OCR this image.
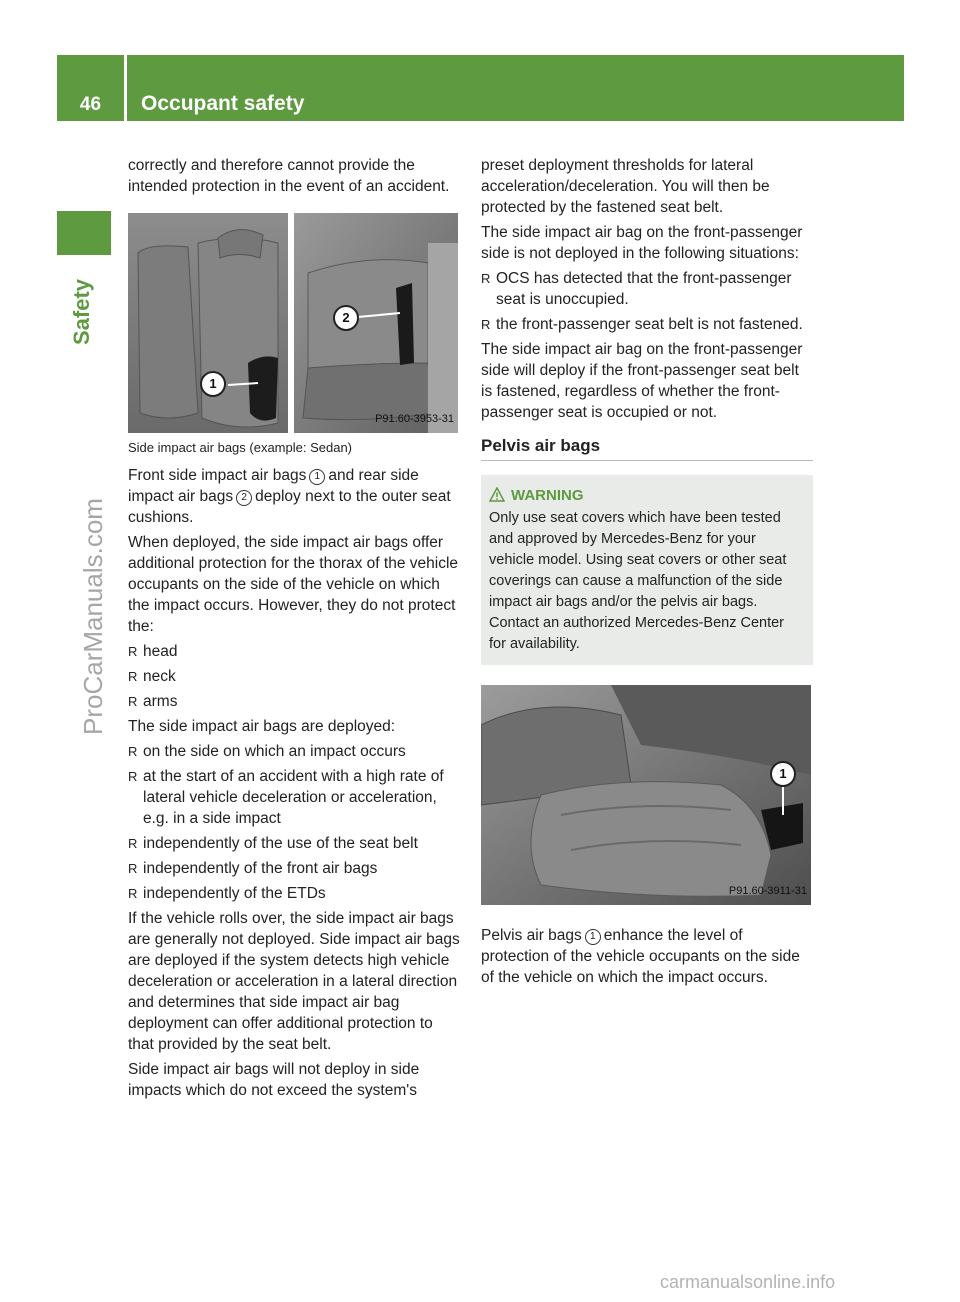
46	Occupant safety
Safety
ProCarManuals.com
carmanualsonline.info

correctly and therefore cannot provide the intended protection in the event of an accident.

1
2
P91.60-3953-31

Side impact air bags (example: Sedan)

Front side impact air bags 1 and rear side impact air bags 2 deploy next to the outer seat cushions.

When deployed, the side impact air bags offer additional protection for the thorax of the vehicle occupants on the side of the vehicle on which the impact occurs. However, they do not protect the:

R head
R neck
R arms

The side impact air bags are deployed:

R on the side on which an impact occurs
R at the start of an accident with a high rate of lateral vehicle deceleration or acceleration, e.g. in a side impact
R independently of the use of the seat belt
R independently of the front air bags
R independently of the ETDs

If the vehicle rolls over, the side impact air bags are generally not deployed. Side impact air bags are deployed if the system detects high vehicle deceleration or acceleration in a lateral direction and determines that side impact air bag deployment can offer additional protection to that provided by the seat belt.

Side impact air bags will not deploy in side impacts which do not exceed the system's

preset deployment thresholds for lateral acceleration/deceleration. You will then be protected by the fastened seat belt.

The side impact air bag on the front-passenger side is not deployed in the following situations:

R OCS has detected that the front-passenger seat is unoccupied.
R the front-passenger seat belt is not fastened.

The side impact air bag on the front-passenger side will deploy if the front-passenger seat belt is fastened, regardless of whether the front-passenger seat is occupied or not.

Pelvis air bags
WARNING
Only use seat covers which have been tested and approved by Mercedes-Benz for your vehicle model. Using seat covers or other seat coverings can cause a malfunction of the side impact air bags and/or the pelvis air bags. Contact an authorized Mercedes-Benz Center for availability.
1
P91.60-3911-31

Pelvis air bags 1 enhance the level of protection of the vehicle occupants on the side of the vehicle on which the impact occurs.
